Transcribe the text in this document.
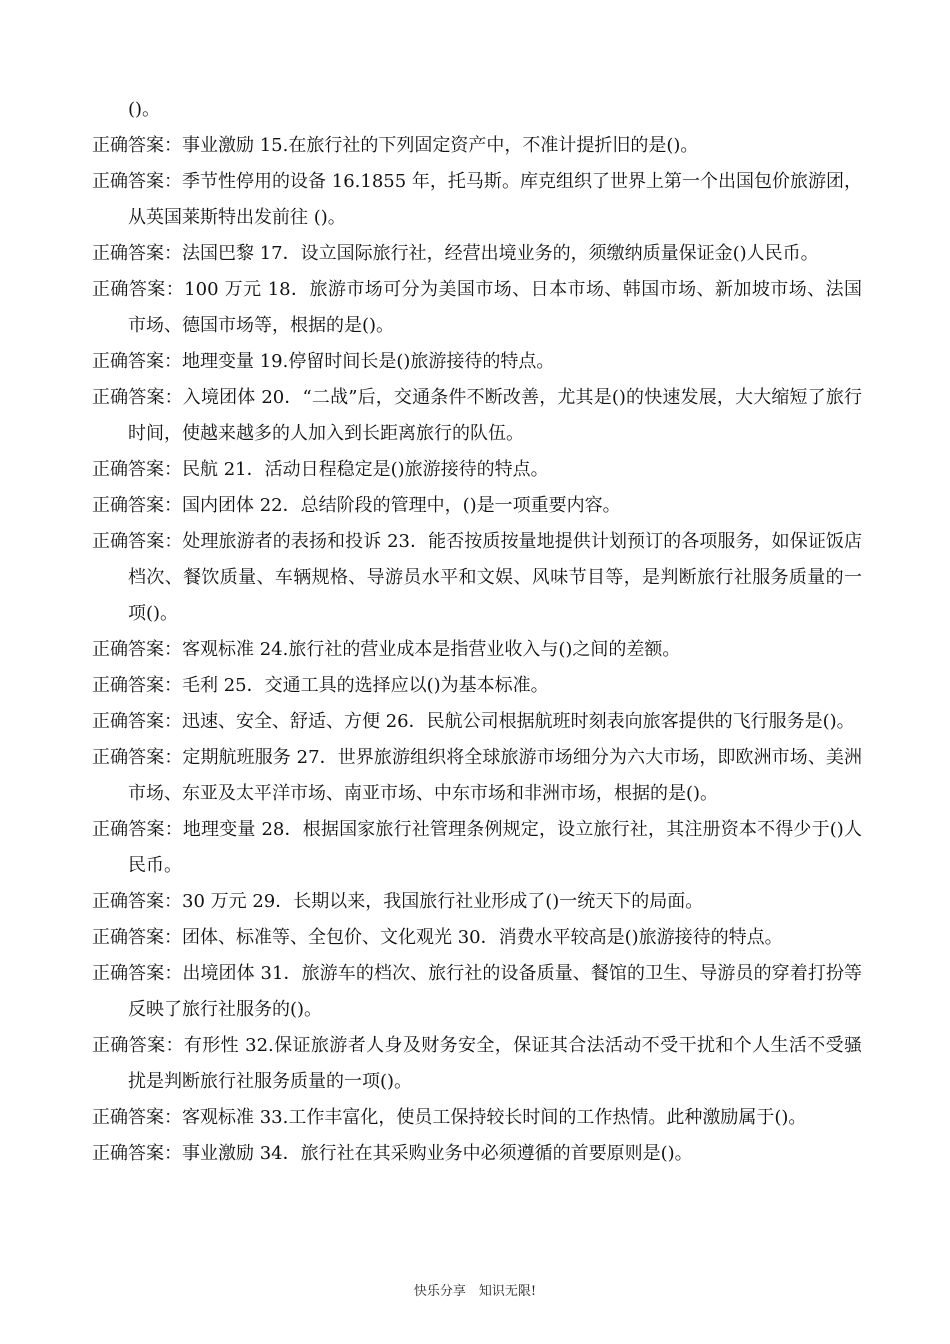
()。

正确答案：事业激励 15.在旅行社的下列固定资产中，不准计提折旧的是()。

正确答案：季节性停用的设备 16.1855 年，托马斯。库克组织了世界上第一个出国包价旅游团，从英国莱斯特出发前往 ()。

正确答案：法国巴黎 17．设立国际旅行社，经营出境业务的，须缴纳质量保证金()人民币。

正确答案：100 万元 18．旅游市场可分为美国市场、日本市场、韩国市场、新加坡市场、法国市场、德国市场等，根据的是()。

正确答案：地理变量 19.停留时间长是()旅游接待的特点。

正确答案：入境团体 20．“二战”后，交通条件不断改善，尤其是()的快速发展，大大缩短了旅行时间，使越来越多的人加入到长距离旅行的队伍。

正确答案：民航 21．活动日程稳定是()旅游接待的特点。

正确答案：国内团体 22．总结阶段的管理中，()是一项重要内容。

正确答案：处理旅游者的表扬和投诉 23．能否按质按量地提供计划预订的各项服务，如保证饭店档次、餐饮质量、车辆规格、导游员水平和文娱、风味节目等，是判断旅行社服务质量的一项()。

正确答案：客观标准 24.旅行社的营业成本是指营业收入与()之间的差额。

正确答案：毛利 25．交通工具的选择应以()为基本标准。

正确答案：迅速、安全、舒适、方便 26．民航公司根据航班时刻表向旅客提供的飞行服务是()。

正确答案：定期航班服务 27．世界旅游组织将全球旅游市场细分为六大市场，即欧洲市场、美洲市场、东亚及太平洋市场、南亚市场、中东市场和非洲市场，根据的是()。

正确答案：地理变量 28．根据国家旅行社管理条例规定，设立旅行社，其注册资本不得少于()人民币。

正确答案：30 万元 29．长期以来，我国旅行社业形成了()一统天下的局面。

正确答案：团体、标准等、全包价、文化观光 30．消费水平较高是()旅游接待的特点。

正确答案：出境团体 31．旅游车的档次、旅行社的设备质量、餐馆的卫生、导游员的穿着打扮等反映了旅行社服务的()。

正确答案：有形性 32.保证旅游者人身及财务安全，保证其合法活动不受干扰和个人生活不受骚扰是判断旅行社服务质量的一项()。

正确答案：客观标准 33.工作丰富化，使员工保持较长时间的工作热情。此种激励属于()。

正确答案：事业激励 34．旅行社在其采购业务中必须遵循的首要原则是()。

快乐分享　知识无限!
